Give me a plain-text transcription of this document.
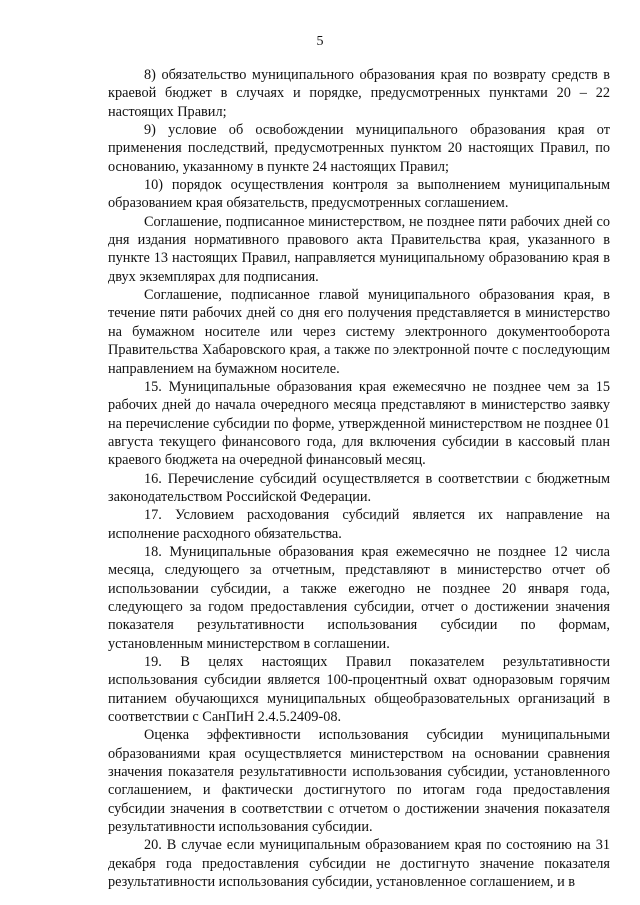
5

8) обязательство муниципального образования края по возврату средств в краевой бюджет в случаях и порядке, предусмотренных пунктами 20 – 22 настоящих Правил;

9) условие об освобождении муниципального образования края от применения последствий, предусмотренных пунктом 20 настоящих Правил, по основанию, указанному в пункте 24 настоящих Правил;

10) порядок осуществления контроля за выполнением муниципальным образованием края обязательств, предусмотренных соглашением.

Соглашение, подписанное министерством, не позднее пяти рабочих дней со дня издания нормативного правового акта Правительства края, указанного в пункте 13 настоящих Правил, направляется муниципальному образованию края в двух экземплярах для подписания.

Соглашение, подписанное главой муниципального образования края, в течение пяти рабочих дней со дня его получения представляется в министерство на бумажном носителе или через систему электронного документооборота Правительства Хабаровского края, а также по электронной почте с последующим направлением на бумажном носителе.

15. Муниципальные образования края ежемесячно не позднее чем за 15 рабочих дней до начала очередного месяца представляют в министерство заявку на перечисление субсидии по форме, утвержденной министерством не позднее 01 августа текущего финансового года, для включения субсидии в кассовый план краевого бюджета на очередной финансовый месяц.

16. Перечисление субсидий осуществляется в соответствии с бюджетным законодательством Российской Федерации.

17. Условием расходования субсидий является их направление на исполнение расходного обязательства.

18. Муниципальные образования края ежемесячно не позднее 12 числа месяца, следующего за отчетным, представляют в министерство отчет об использовании субсидии, а также ежегодно не позднее 20 января года, следующего за годом предоставления субсидии, отчет о достижении значения показателя результативности использования субсидии по формам, установленным министерством в соглашении.

19. В целях настоящих Правил показателем результативности использования субсидии является 100-процентный охват одноразовым горячим питанием обучающихся муниципальных общеобразовательных организаций в соответствии с СанПиН 2.4.5.2409-08.

Оценка эффективности использования субсидии муниципальными образованиями края осуществляется министерством на основании сравнения значения показателя результативности использования субсидии, установленного соглашением, и фактически достигнутого по итогам года предоставления субсидии значения в соответствии с отчетом о достижении значения показателя результативности использования субсидии.

20. В случае если муниципальным образованием края по состоянию на 31 декабря года предоставления субсидии не достигнуто значение показателя результативности использования субсидии, установленное соглашением, и в
